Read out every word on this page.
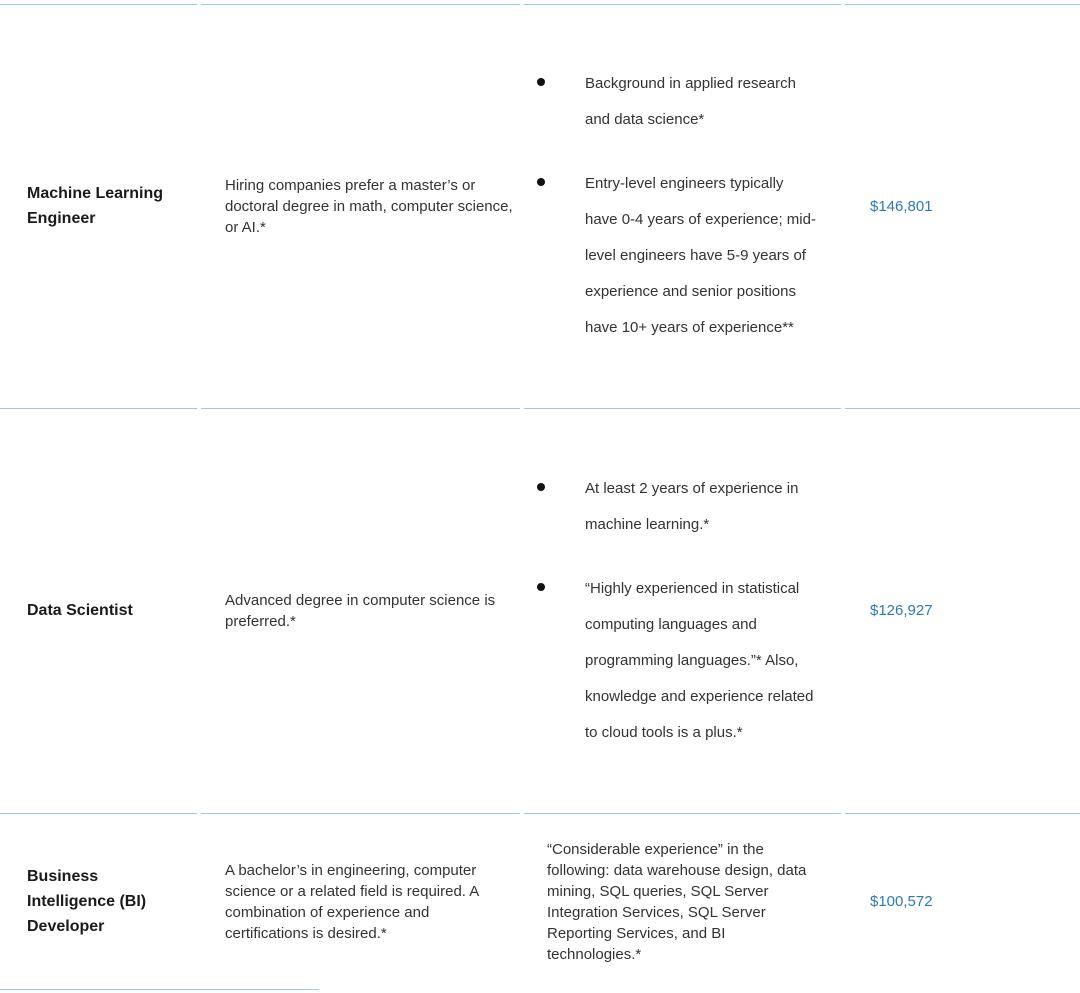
Machine Learning
Engineer
Hiring companies prefer a master’s or doctoral degree in math, computer science, or AI.*
Background in applied research and data science*
Entry-level engineers typically have 0-4 years of experience; mid-level engineers have 5-9 years of experience and senior positions have 10+ years of experience**
$146,801
Data Scientist
Advanced degree in computer science is preferred.*
At least 2 years of experience in machine learning.*
“Highly experienced in statistical computing languages and programming languages.”* Also, knowledge and experience related to cloud tools is a plus.*
$126,927
Business
Intelligence (BI)
Developer
A bachelor’s in engineering, computer science or a related field is required. A combination of experience and certifications is desired.*
“Considerable experience” in the following: data warehouse design, data mining, SQL queries, SQL Server Integration Services, SQL Server Reporting Services, and BI technologies.*
$100,572
